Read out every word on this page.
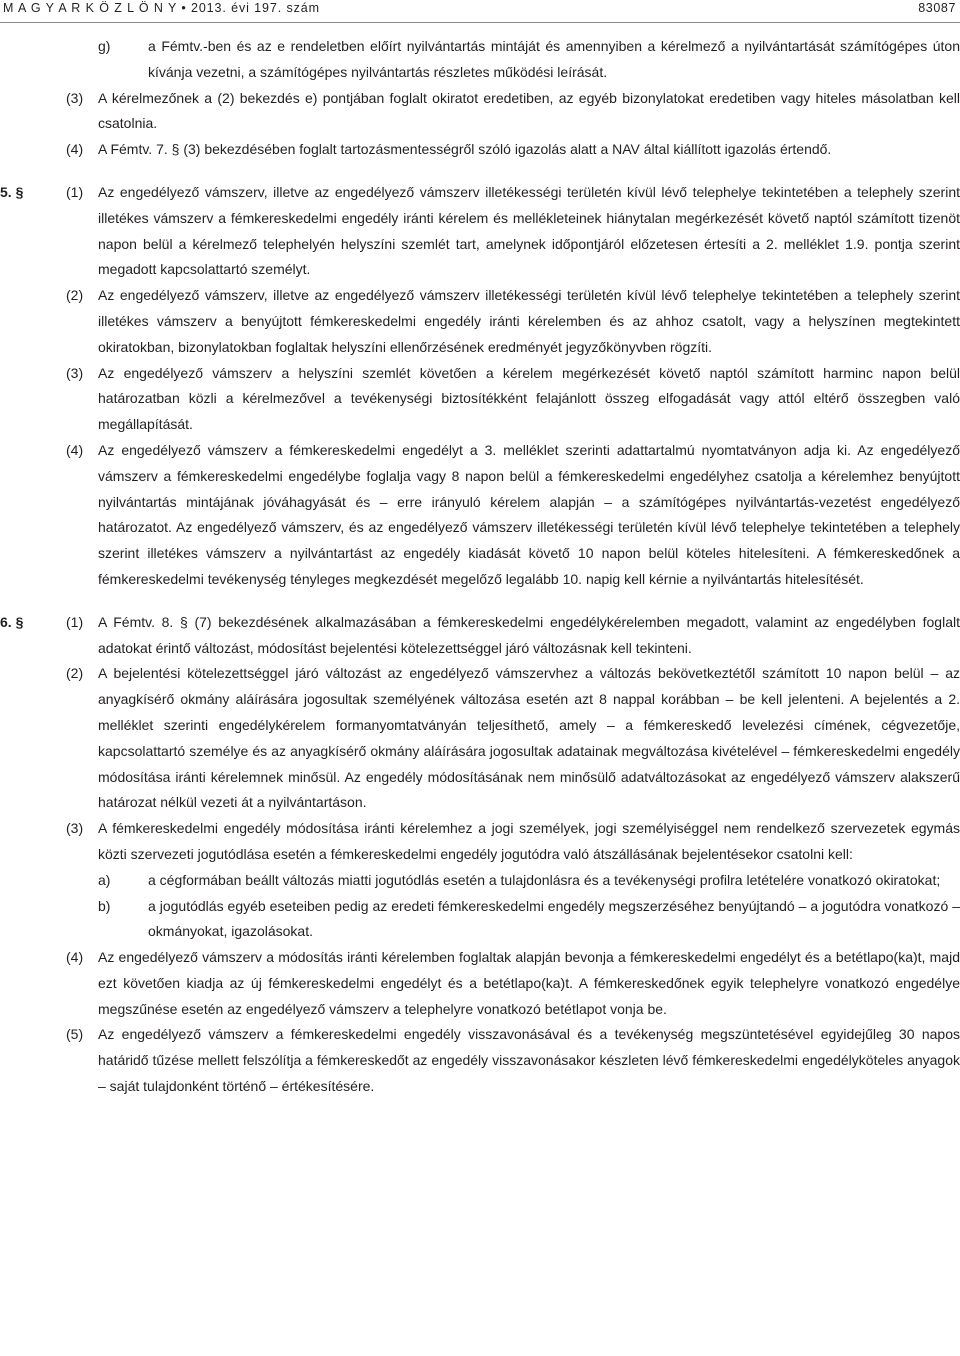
M A G Y A R K Ö Z L Ö N Y • 2013. évi 197. szám	83087
g)	a Fémtv.-ben és az e rendeletben előírt nyilvántartás mintáját és amennyiben a kérelmező a nyilvántartását számítógépes úton kívánja vezetni, a számítógépes nyilvántartás részletes működési leírását.
(3) A kérelmezőnek a (2) bekezdés e) pontjában foglalt okiratot eredetiben, az egyéb bizonylatokat eredetiben vagy hiteles másolatban kell csatolnia.
(4) A Fémtv. 7. § (3) bekezdésében foglalt tartozásmentességről szóló igazolás alatt a NAV által kiállított igazolás értendő.
5. §	(1) Az engedélyező vámszerv, illetve az engedélyező vámszerv illetékességi területén kívül lévő telephelye tekintetében a telephely szerint illetékes vámszerv a fémkereskedelmi engedély iránti kérelem és mellékleteinek hiánytalan megérkezését követő naptól számított tizenöt napon belül a kérelmező telephelyén helyszíni szemlét tart, amelynek időpontjáról előzetesen értesíti a 2. melléklet 1.9. pontja szerint megadott kapcsolattartó személyt.
(2) Az engedélyező vámszerv, illetve az engedélyező vámszerv illetékességi területén kívül lévő telephelye tekintetében a telephely szerint illetékes vámszerv a benyújtott fémkereskedelmi engedély iránti kérelemben és az ahhoz csatolt, vagy a helyszínen megtekintett okiratokban, bizonylatokban foglaltak helyszíni ellenőrzésének eredményét jegyzőkönyvben rögzíti.
(3) Az engedélyező vámszerv a helyszíni szemlét követően a kérelem megérkezését követő naptól számított harminc napon belül határozatban közli a kérelmezővel a tevékenységi biztosítékként felajánlott összeg elfogadását vagy attól eltérő összegben való megállapítását.
(4) Az engedélyező vámszerv a fémkereskedelmi engedélyt a 3. melléklet szerinti adattartalmú nyomtatványon adja ki. Az engedélyező vámszerv a fémkereskedelmi engedélybe foglalja vagy 8 napon belül a fémkereskedelmi engedélyhez csatolja a kérelemhez benyújtott nyilvántartás mintájának jóváhagyását és – erre irányuló kérelem alapján – a számítógépes nyilvántartás-vezetést engedélyező határozatot. Az engedélyező vámszerv, és az engedélyező vámszerv illetékességi területén kívül lévő telephelye tekintetében a telephely szerint illetékes vámszerv a nyilvántartást az engedély kiadását követő 10 napon belül köteles hitelesíteni. A fémkereskedőnek a fémkereskedelmi tevékenység tényleges megkezdését megelőző legalább 10. napig kell kérnie a nyilvántartás hitelesítését.
6. §	(1) A Fémtv. 8. § (7) bekezdésének alkalmazásában a fémkereskedelmi engedélykérelemben megadott, valamint az engedélyben foglalt adatokat érintő változást, módosítást bejelentési kötelezettséggel járó változásnak kell tekinteni.
(2) A bejelentési kötelezettséggel járó változást az engedélyező vámszervhez a változás bekövetkeztétől számított 10 napon belül – az anyagkísérő okmány aláírására jogosultak személyének változása esetén azt 8 nappal korábban – be kell jelenteni. A bejelentés a 2. melléklet szerinti engedélykérelem formanyomtatványán teljesíthető, amely – a fémkereskedő levelezési címének, cégvezetője, kapcsolattartó személye és az anyagkísérő okmány aláírására jogosultak adatainak megváltozása kivételével – fémkereskedelmi engedély módosítása iránti kérelemnek minősül. Az engedély módosításának nem minősülő adatváltozásokat az engedélyező vámszerv alakszerű határozat nélkül vezeti át a nyilvántartáson.
(3) A fémkereskedelmi engedély módosítása iránti kérelemhez a jogi személyek, jogi személyiséggel nem rendelkező szervezetek egymás közti szervezeti jogutódlása esetén a fémkereskedelmi engedély jogutódra való átszállásának bejelentésekor csatolni kell:
a)	a cégformában beállt változás miatti jogutódlás esetén a tulajdonlásra és a tevékenységi profilra letételére vonatkozó okiratokat;
b)	a jogutódlás egyéb eseteiben pedig az eredeti fémkereskedelmi engedély megszerzéséhez benyújtandó – a jogutódra vonatkozó – okmányokat, igazolásokat.
(4) Az engedélyező vámszerv a módosítás iránti kérelemben foglaltak alapján bevonja a fémkereskedelmi engedélyt és a betétlapo(ka)t, majd ezt követően kiadja az új fémkereskedelmi engedélyt és a betétlapo(ka)t. A fémkereskedőnek egyik telephelyre vonatkozó engedélye megszűnése esetén az engedélyező vámszerv a telephelyre vonatkozó betétlapot vonja be.
(5) Az engedélyező vámszerv a fémkereskedelmi engedély visszavonásával és a tevékenység megszüntetésével egyidejűleg 30 napos határidő tűzése mellett felszólítja a fémkereskedőt az engedély visszavonásakor készleten lévő fémkereskedelmi engedélyköteles anyagok – saját tulajdonként történő – értékesítésére.
